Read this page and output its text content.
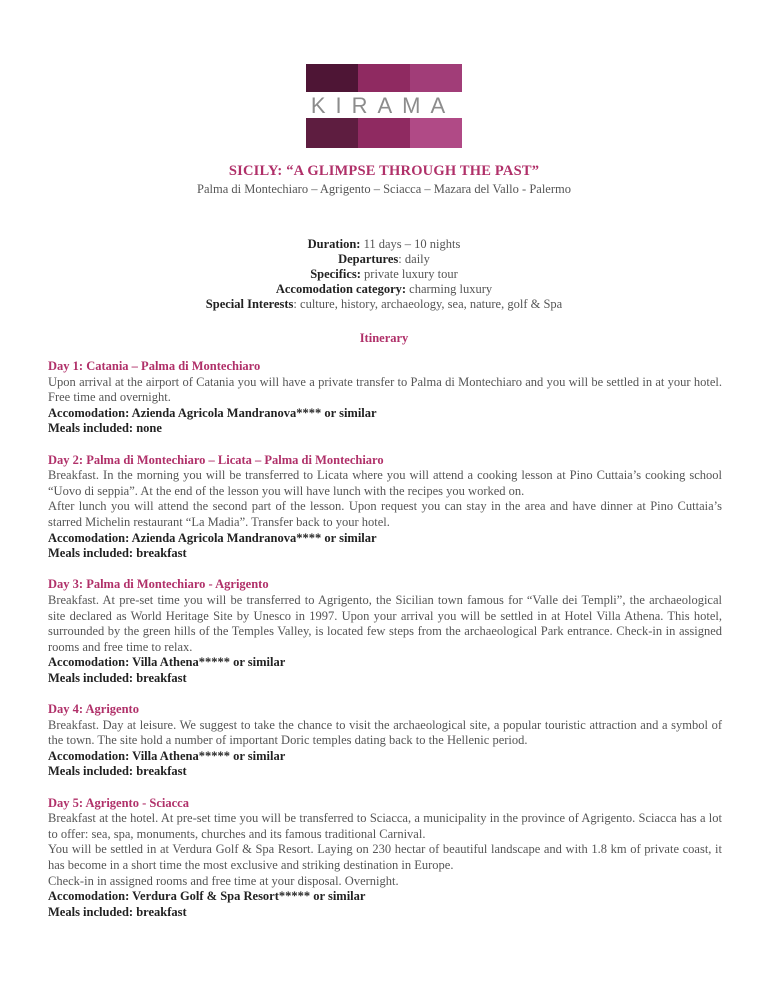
KIRAMA
SICILY: “A GLIMPSE THROUGH THE PAST”
Palma di Montechiaro – Agrigento – Sciacca – Mazara del Vallo - Palermo
Duration: 11 days – 10 nights
Departures: daily
Specifics: private luxury tour
Accomodation category: charming luxury
Special Interests: culture, history, archaeology, sea, nature, golf & Spa
Itinerary
Day 1: Catania – Palma di Montechiaro

Upon arrival at the airport of Catania you will have a private transfer to Palma di Montechiaro and you will be settled in at your hotel. Free time and overnight.

Accomodation: Azienda Agricola Mandranova**** or similar
Meals included: none
Day 2: Palma di Montechiaro – Licata – Palma di Montechiaro

Breakfast. In the morning you will be transferred to Licata where you will attend a cooking lesson at Pino Cuttaia’s cooking school “Uovo di seppia”. At the end of the lesson you will have lunch with the recipes you worked on.

After lunch you will attend the second part of the lesson. Upon request you can stay in the area and have dinner at Pino Cuttaia’s starred Michelin restaurant “La Madia”. Transfer back to your hotel.

Accomodation: Azienda Agricola Mandranova**** or similar
Meals included: breakfast
Day 3: Palma di Montechiaro - Agrigento

Breakfast. At pre-set time you will be transferred to Agrigento, the Sicilian town famous for “Valle dei Templi”, the archaeological site declared as World Heritage Site by Unesco in 1997. Upon your arrival you will be settled in at Hotel Villa Athena. This hotel, surrounded by the green hills of the Temples Valley, is located few steps from the archaeological Park entrance. Check-in in assigned rooms and free time to relax.

Accomodation: Villa Athena***** or similar
Meals included: breakfast
Day 4: Agrigento

Breakfast. Day at leisure. We suggest to take the chance to visit the archaeological site, a popular touristic attraction and a symbol of the town. The site hold a number of important Doric temples dating back to the Hellenic period.

Accomodation: Villa Athena***** or similar
Meals included: breakfast
Day 5: Agrigento - Sciacca

Breakfast at the hotel. At pre-set time you will be transferred to Sciacca, a municipality in the province of Agrigento. Sciacca has a lot to offer: sea, spa, monuments, churches and its famous traditional Carnival.

You will be settled in at Verdura Golf & Spa Resort. Laying on 230 hectar of beautiful landscape and with 1.8 km of private coast, it has become in a short time the most exclusive and striking destination in Europe.

Check-in in assigned rooms and free time at your disposal. Overnight.

Accomodation: Verdura Golf & Spa Resort***** or similar
Meals included: breakfast
